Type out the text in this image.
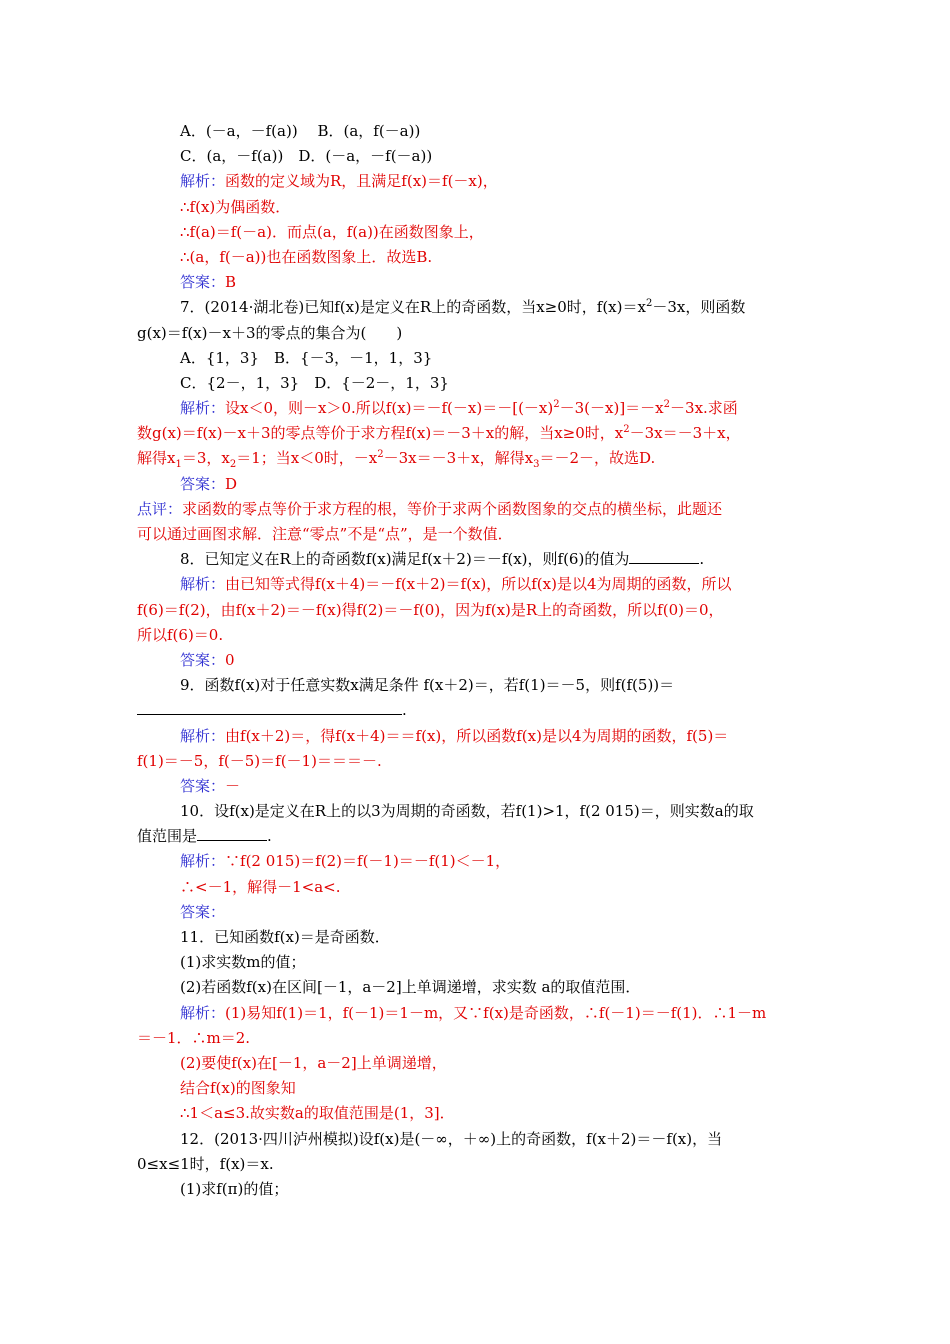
A．(－a，－f(a))　 B．(a，f(－a))
C．(a，－f(a))　D．(－a，－f(－a))
解析：函数的定义域为R，且满足f(x)＝f(－x)，
∴f(x)为偶函数．
∴f(a)＝f(－a)．而点(a，f(a))在函数图象上，
∴(a，f(－a))也在函数图象上．故选B.
答案：B
7．(2014·湖北卷)已知f(x)是定义在R上的奇函数，当x≥0时，$f(x)=x^2-3x$，则函数
g(x)＝f(x)－x＋3的零点的集合为(　　)
A．{1，3}　B．{－3，－1，1，3}
C．{2－，1，3}　D．{－2－，1，3}
解析：设x＜0，则－x＞0.所以$f(x)=-f(-x)=-[(-x)^2-3(-x)]=-x^2-3x$.求函
数g(x)＝f(x)－x＋3的零点等价于求方程f(x)＝－3＋x的解，当x≥0时，$x^2-3x=-3+x$，
解得$x_1=3$，$x_2=1$；当x＜0时，$-x^2-3x=-3+x$，解得$x_3=-2-$，故选D.
答案：D
点评：求函数的零点等价于求方程的根，等价于求两个函数图象的交点的横坐标，此题还
可以通过画图求解．注意“零点”不是“点”，是一个数值．
8．已知定义在R上的奇函数f(x)满足f(x＋2)＝－f(x)，则f(6)的值为	.
解析：由已知等式得f(x＋4)＝－f(x＋2)＝f(x)，所以f(x)是以4为周期的函数，所以
f(6)＝f(2)，由f(x＋2)＝－f(x)得f(2)＝－f(0)，因为f(x)是R上的奇函数，所以f(0)＝0，
所以f(6)＝0.
答案：0
9．函数f(x)对于任意实数x满足条件 f(x＋2)＝，若f(1)＝－5，则f(f(5))＝
.
解析：由f(x＋2)＝，得f(x＋4)＝＝f(x)，所以函数f(x)是以4为周期的函数，f(5)＝
f(1)＝－5，f(－5)＝f(－1)＝＝＝－.
答案：－
10．设f(x)是定义在R上的以3为周期的奇函数，若f(1)>1，f(2 015)＝，则实数a的取
值范围是	.
解析：∵f(2 015)＝f(2)＝f(－1)＝－f(1)＜－1，
∴<－1，解得－1<a<.
答案：
11．已知函数f(x)＝是奇函数．
(1)求实数m的值；
(2)若函数f(x)在区间[－1，a－2]上单调递增，求实数 a的取值范围．
解析：(1)易知f(1)＝1，f(－1)＝1－m，又∵f(x)是奇函数，∴f(－1)＝－f(1)．∴1－m
＝－1．∴m＝2.
(2)要使f(x)在[－1，a－2]上单调递增，
结合f(x)的图象知
∴1＜a≤3.故实数a的取值范围是(1，3]．
12．(2013·四川泸州模拟)设f(x)是(－∞，＋∞)上的奇函数，f(x＋2)＝－f(x)，当
0≤x≤1时，f(x)＝x.
(1)求f(π)的值；
